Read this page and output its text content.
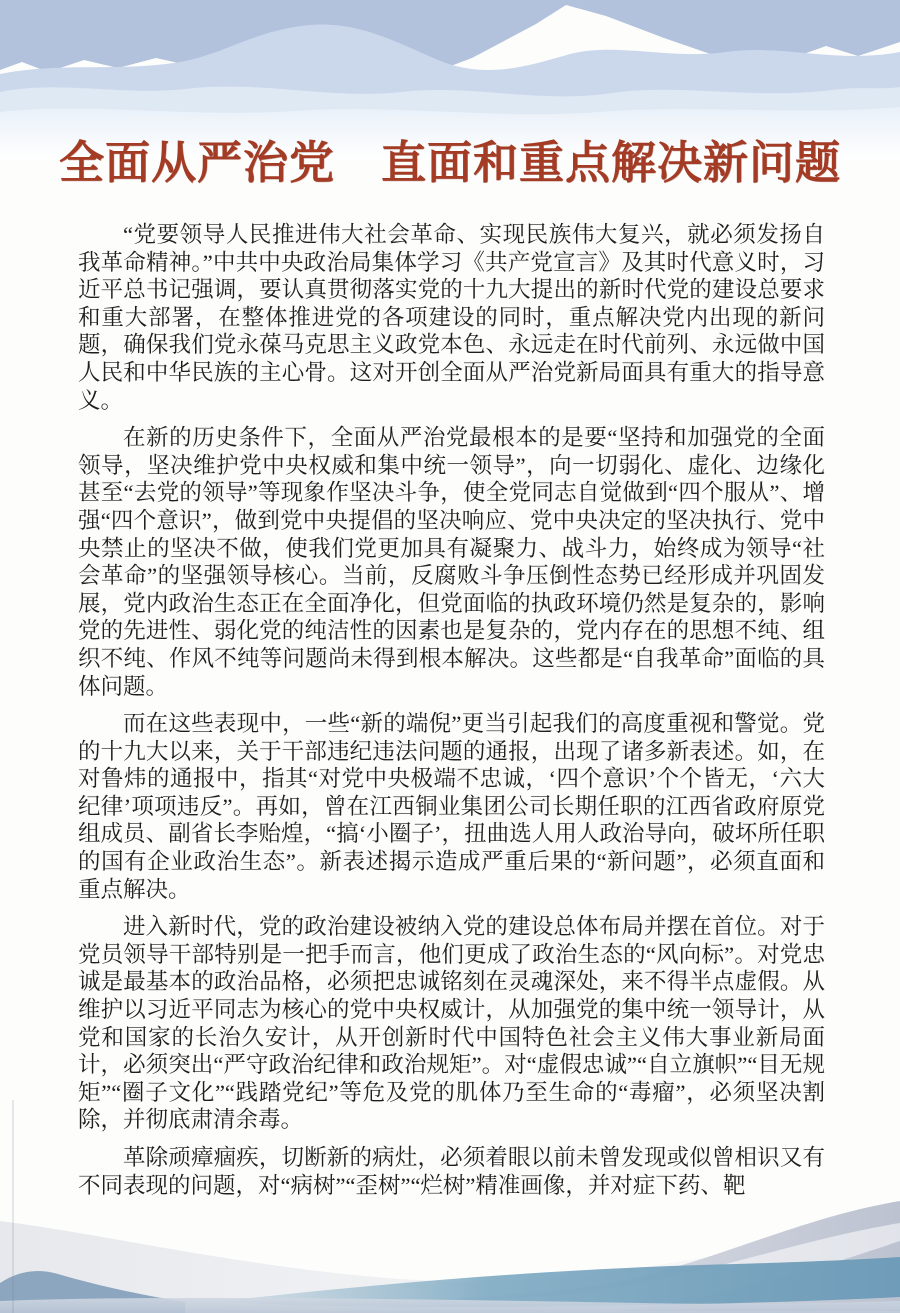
全面从严治党　直面和重点解决新问题

“党要领导人民推进伟大社会革命、实现民族伟大复兴，就必须发扬自我革命精神。”中共中央政治局集体学习《共产党宣言》及其时代意义时，习近平总书记强调，要认真贯彻落实党的十九大提出的新时代党的建设总要求和重大部署，在整体推进党的各项建设的同时，重点解决党内出现的新问题，确保我们党永葆马克思主义政党本色、永远走在时代前列、永远做中国人民和中华民族的主心骨。这对开创全面从严治党新局面具有重大的指导意义。

在新的历史条件下，全面从严治党最根本的是要“坚持和加强党的全面领导，坚决维护党中央权威和集中统一领导”，向一切弱化、虚化、边缘化甚至“去党的领导”等现象作坚决斗争，使全党同志自觉做到“四个服从”、增强“四个意识”，做到党中央提倡的坚决响应、党中央决定的坚决执行、党中央禁止的坚决不做，使我们党更加具有凝聚力、战斗力，始终成为领导“社会革命”的坚强领导核心。当前，反腐败斗争压倒性态势已经形成并巩固发展，党内政治生态正在全面净化，但党面临的执政环境仍然是复杂的，影响党的先进性、弱化党的纯洁性的因素也是复杂的，党内存在的思想不纯、组织不纯、作风不纯等问题尚未得到根本解决。这些都是“自我革命”面临的具体问题。

而在这些表现中，一些“新的端倪”更当引起我们的高度重视和警觉。党的十九大以来，关于干部违纪违法问题的通报，出现了诸多新表述。如，在对鲁炜的通报中，指其“对党中央极端不忠诚，‘四个意识’个个皆无，‘六大纪律’项项违反”。再如，曾在江西铜业集团公司长期任职的江西省政府原党组成员、副省长李贻煌，“搞‘小圈子’，扭曲选人用人政治导向，破坏所任职的国有企业政治生态”。新表述揭示造成严重后果的“新问题”，必须直面和重点解决。

进入新时代，党的政治建设被纳入党的建设总体布局并摆在首位。对于党员领导干部特别是一把手而言，他们更成了政治生态的“风向标”。对党忠诚是最基本的政治品格，必须把忠诚铭刻在灵魂深处，来不得半点虚假。从维护以习近平同志为核心的党中央权威计，从加强党的集中统一领导计，从党和国家的长治久安计，从开创新时代中国特色社会主义伟大事业新局面计，必须突出“严守政治纪律和政治规矩”。对“虚假忠诚”“自立旗帜”“目无规矩”“圈子文化”“践踏党纪”等危及党的肌体乃至生命的“毒瘤”，必须坚决割除，并彻底肃清余毒。

革除顽瘴痼疾，切断新的病灶，必须着眼以前未曾发现或似曾相识又有不同表现的问题，对“病树”“歪树”“烂树”精准画像，并对症下药、靶
